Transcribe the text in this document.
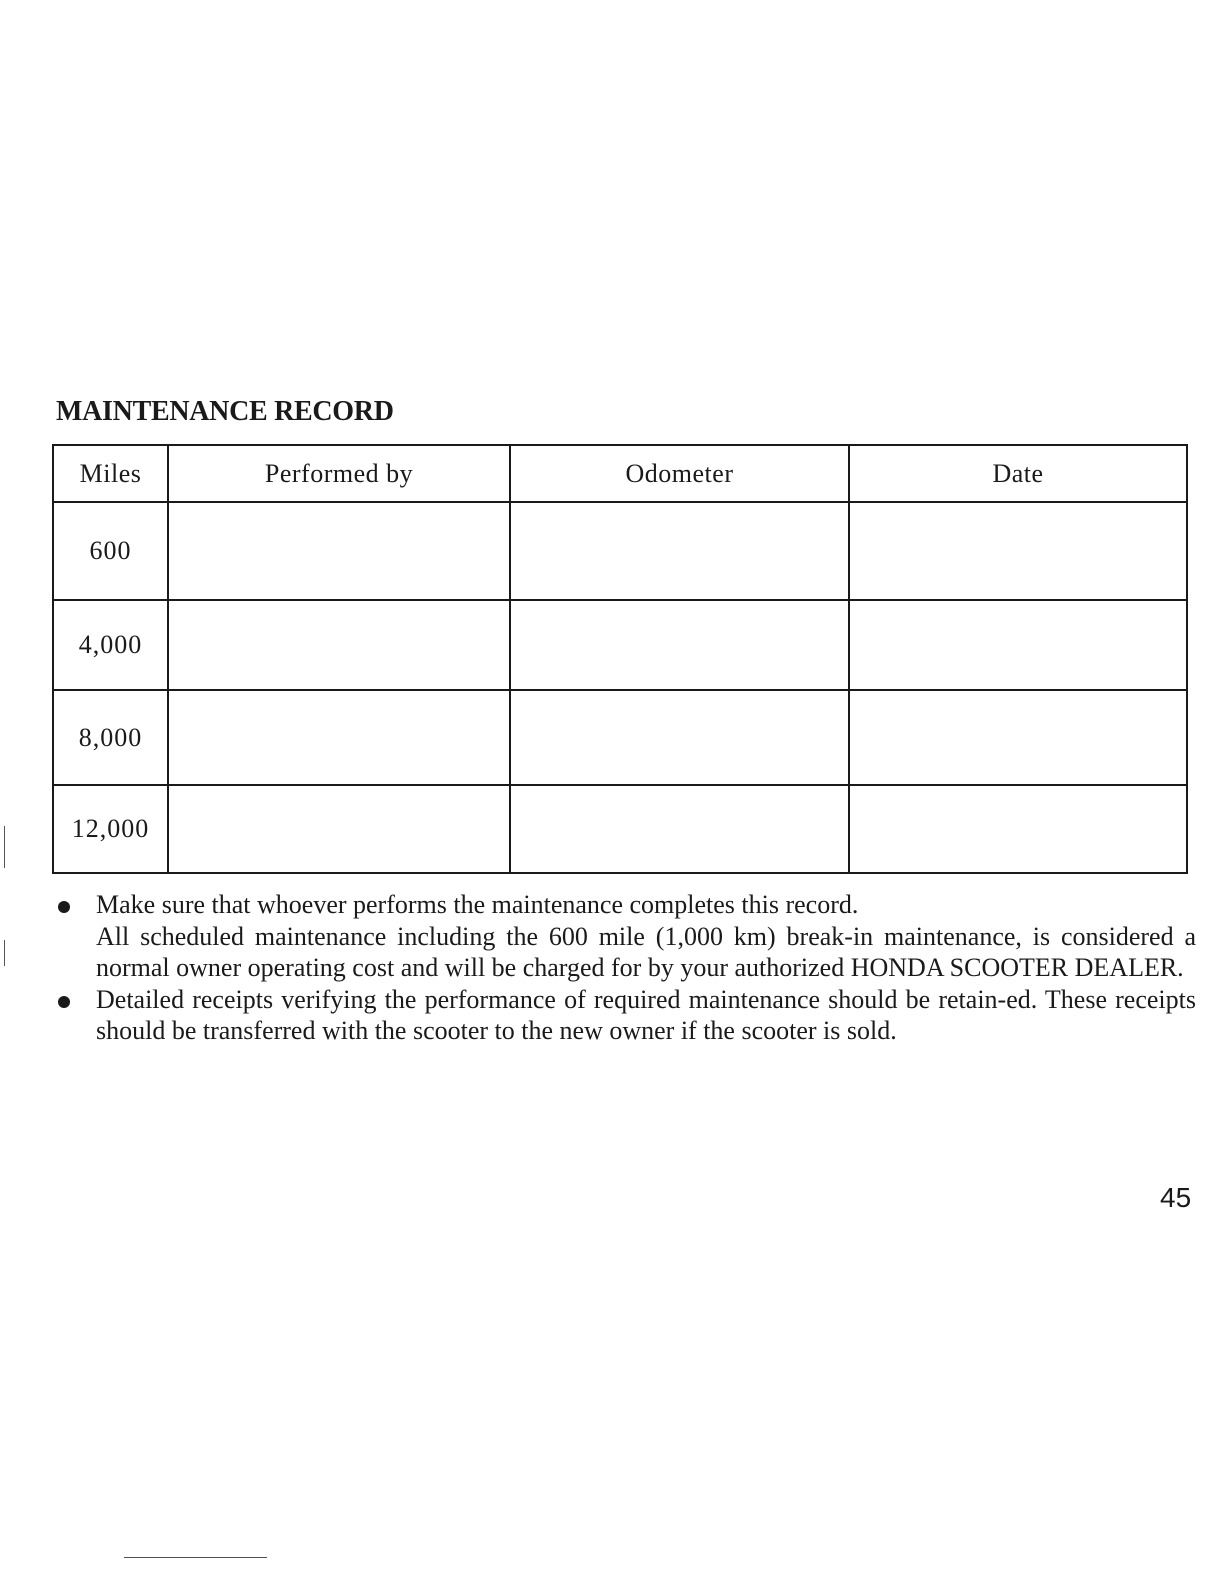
MAINTENANCE RECORD
Miles	Performed by	Odometer	Date
600			
4,000			
8,000			
12,000			

Make sure that whoever performs the maintenance completes this record.

All scheduled maintenance including the 600 mile (1,000 km) break-in maintenance, is considered a normal owner operating cost and will be charged for by your authorized HONDA SCOOTER DEALER.

Detailed receipts verifying the performance of required maintenance should be retain-ed. These receipts should be transferred with the scooter to the new owner if the scooter is sold.

45
